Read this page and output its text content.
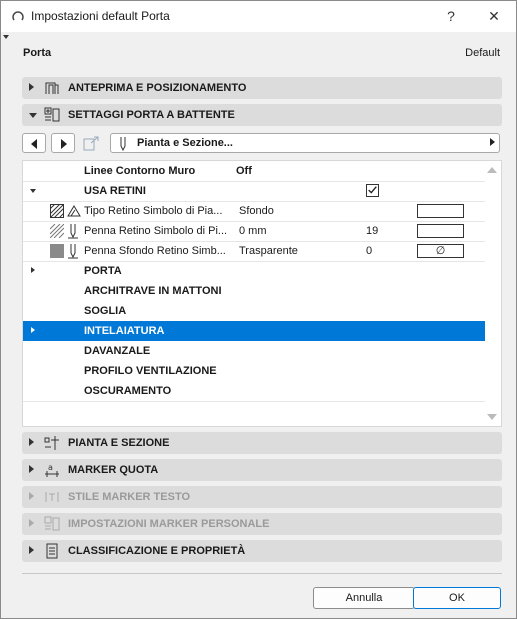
Impostazioni default Porta	?	✕
Porta	Default
ANTEPRIMA E POSIZIONAMENTO
SETTAGGI PORTA A BATTENTE
Pianta e Sezione...
Linee Contorno Muro	Off
USA RETINI
Tipo Retino Simbolo di Pia... Sfondo
Penna Retino Simbolo di Pi... 0 mm	19
Penna Sfondo Retino Simb... Trasparente	0	∅
PORTA
ARCHITRAVE IN MATTONI
SOGLIA
INTELAIATURA
DAVANZALE
PROFILO VENTILAZIONE
OSCURAMENTO
PIANTA E SEZIONE
a MARKER QUOTA
STILE MARKER TESTO
IMPOSTAZIONI MARKER PERSONALE
CLASSIFICAZIONE E PROPRIETÀ
Annulla	OK
